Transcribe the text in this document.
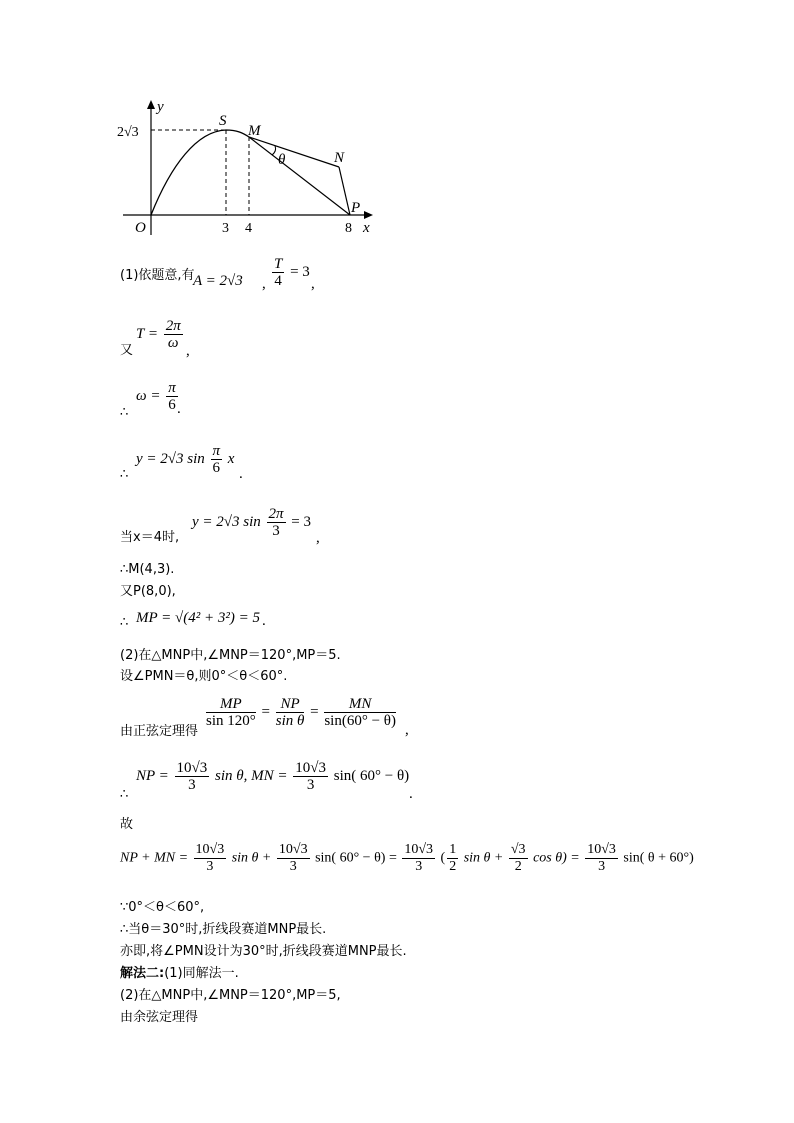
y
x
O
2√3
3 4	8
S
M
N
P
θ
(1)依题意,有
A = 2√3 , $\frac{T}{4} = 3$
,
又
$T = \frac{2\pi}{\omega}$ ,
∴
$\omega = \frac{\pi}{6}$ .
∴
y = 2√3 $\sin \frac{\pi}{6}$ x
.
当x＝4时,
y = 2√3 $\sin \frac{2\pi}{3} = 3$
,
∴M(4,3).
又P(8,0),
∴ MP = √(4² + 3²) = 5 .
(2)在△MNP中,∠MNP＝120°,MP＝5.
设∠PMN＝θ,则0°＜θ＜60°.
由正弦定理得
$\frac{MP}{\sin 120^\circ} = \frac{NP}{\text{sin θ}} = \frac{MN}{\sin(60^\circ - \theta)}$
,
∴
NP = $\frac{10√3}{3}$ sin θ, MN = $\frac{10√3}{3} \sin$( 60° − θ)
.
故
NP + MN = $\frac{10√3}{3}$ $\sin \theta + \frac{10√3}{3} \sin$( $60^\circ - \theta) = \frac{10√3}{3}$ ( $\frac{1}{2}$ $\sin \theta + \frac{√3}{2}$ $\cos \theta) = \frac{10√3}{3} \sin$( θ + 60°)
∵0°＜θ＜60°,
∴当θ＝30°时,折线段赛道MNP最长.
亦即,将∠PMN设计为30°时,折线段赛道MNP最长.
解法二:(1)同解法一.
(2)在△MNP中,∠MNP＝120°,MP＝5,
由余弦定理得
